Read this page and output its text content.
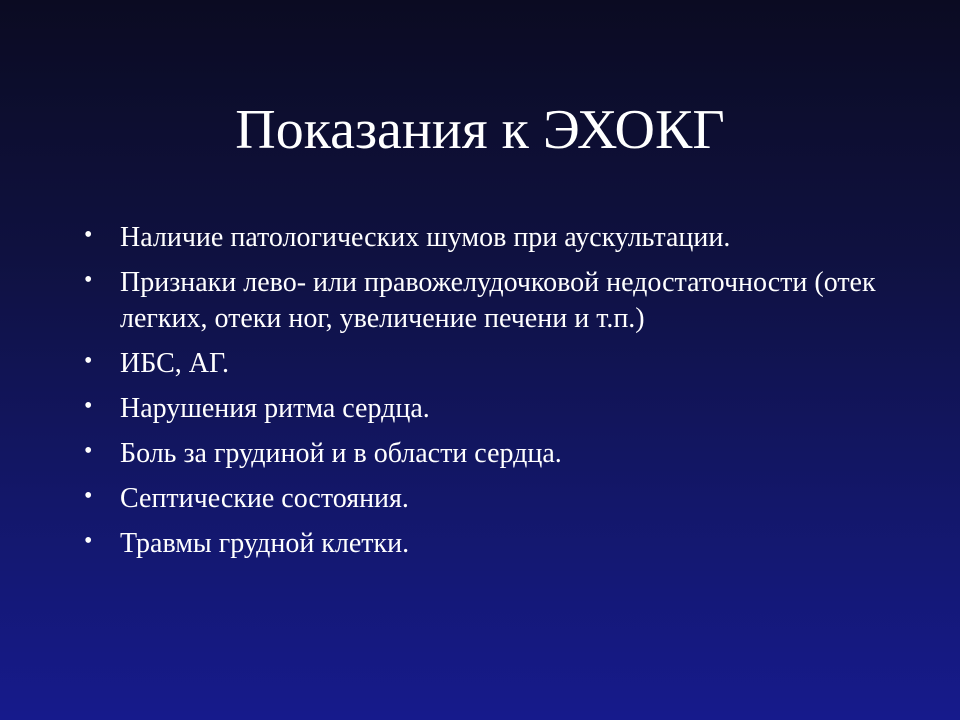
Показания к ЭХОКГ
• Наличие патологических шумов при аускультации.
• Признаки лево- или правожелудочковой недостаточности (отек легких, отеки ног, увеличение печени и т.п.)
• ИБС, АГ.
• Нарушения ритма сердца.
• Боль за грудиной и в области сердца.
• Септические состояния.
• Травмы грудной клетки.
